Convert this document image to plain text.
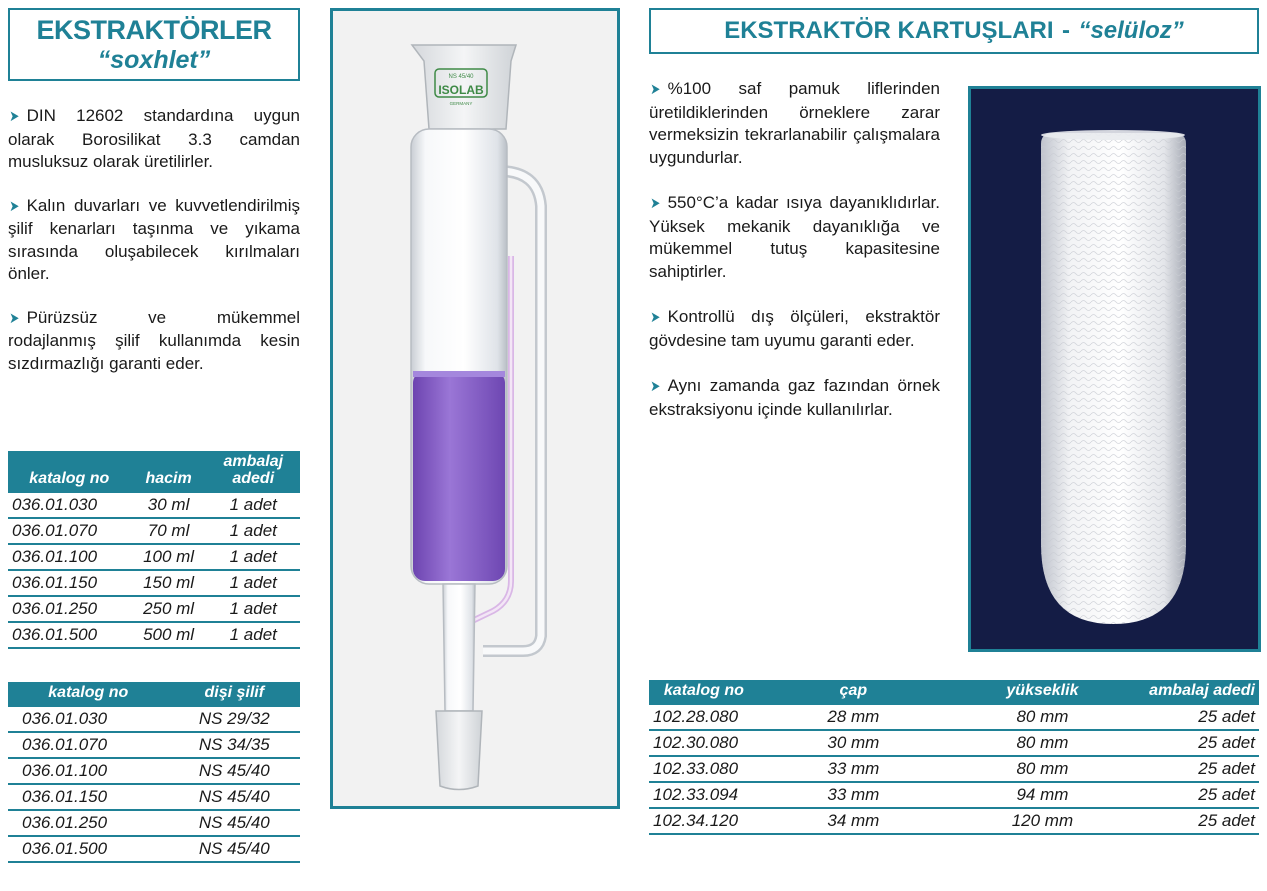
EKSTRAKTÖRLER
“soxhlet”

➤ DIN 12602 standardına uygun olarak Borosilikat 3.3 camdan musluksuz olarak üretilirler.

➤ Kalın duvarları ve kuvvetlendirilmiş şilif kenarları taşınma ve yıkama sırasında oluşabilecek kırılmaları önler.

➤ Pürüzsüz ve mükemmel rodajlanmış şilif kullanımda kesin sızdırmazlığı garanti eder.

katalog no	hacim	ambalaj adedi
036.01.030	30 ml	1 adet
036.01.070	70 ml	1 adet
036.01.100	100 ml	1 adet
036.01.150	150 ml	1 adet
036.01.250	250 ml	1 adet
036.01.500	500 ml	1 adet
katalog no	dişi şilif
036.01.030	NS 29/32
036.01.070	NS 34/35
036.01.100	NS 45/40
036.01.150	NS 45/40
036.01.250	NS 45/40
036.01.500	NS 45/40
NS 45/40
ISOLAB
GERMANY
EKSTRAKTÖR KARTUŞLARI - “selüloz”

➤ %100 saf pamuk liflerinden üretildiklerinden örneklere zarar vermeksizin tekrarlanabilir çalışmalara uygundurlar.

➤ 550°C’a kadar ısıya dayanıklıdırlar. Yüksek mekanik dayanıklığa ve mükemmel tutuş kapasitesine sahiptirler.

➤ Kontrollü dış ölçüleri, ekstraktör gövdesine tam uyumu garanti eder.

➤ Aynı zamanda gaz fazından örnek ekstraksiyonu içinde kullanılırlar.

katalog no	çap	yükseklik	ambalaj adedi
102.28.080	28 mm	80 mm	25 adet
102.30.080	30 mm	80 mm	25 adet
102.33.080	33 mm	80 mm	25 adet
102.33.094	33 mm	94 mm	25 adet
102.34.120	34 mm	120 mm	25 adet
